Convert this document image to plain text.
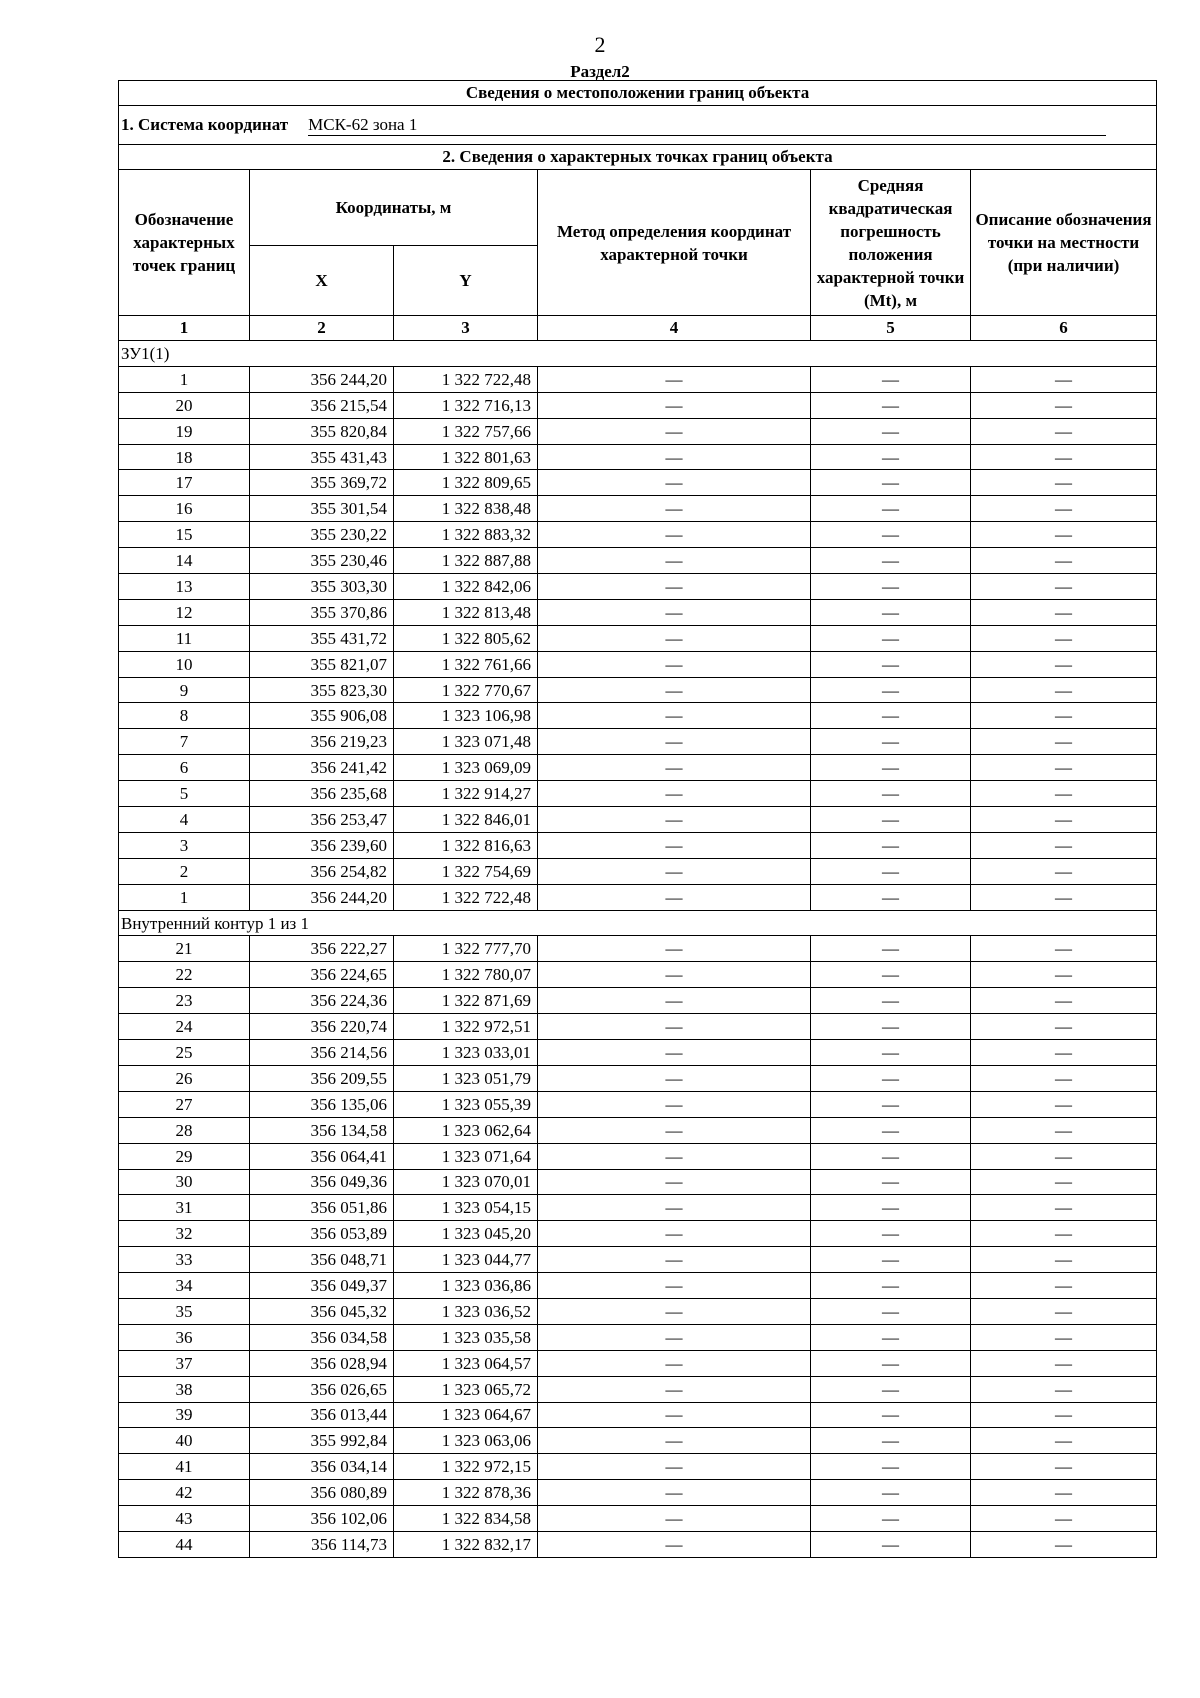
2
Раздел2
Сведения о местоположении границ объекта					
1. Система координат МСК-62 зона 1					
2. Сведения о характерных точках границ объекта					
Обозначение характерных точек границ	Координаты, м		Метод определения координат характерной точки	Средняя квадратическая погрешность положения характерной точки (Mt), м	Описание обозначения точки на местности (при наличии)
	X	Y			
1	2	3	4	5	6
ЗУ1(1)					
1	356 244,20	1 322 722,48	—	—	—
20	356 215,54	1 322 716,13	—	—	—
19	355 820,84	1 322 757,66	—	—	—
18	355 431,43	1 322 801,63	—	—	—
17	355 369,72	1 322 809,65	—	—	—
16	355 301,54	1 322 838,48	—	—	—
15	355 230,22	1 322 883,32	—	—	—
14	355 230,46	1 322 887,88	—	—	—
13	355 303,30	1 322 842,06	—	—	—
12	355 370,86	1 322 813,48	—	—	—
11	355 431,72	1 322 805,62	—	—	—
10	355 821,07	1 322 761,66	—	—	—
9	355 823,30	1 322 770,67	—	—	—
8	355 906,08	1 323 106,98	—	—	—
7	356 219,23	1 323 071,48	—	—	—
6	356 241,42	1 323 069,09	—	—	—
5	356 235,68	1 322 914,27	—	—	—
4	356 253,47	1 322 846,01	—	—	—
3	356 239,60	1 322 816,63	—	—	—
2	356 254,82	1 322 754,69	—	—	—
1	356 244,20	1 322 722,48	—	—	—
Внутренний контур 1 из 1					
21	356 222,27	1 322 777,70	—	—	—
22	356 224,65	1 322 780,07	—	—	—
23	356 224,36	1 322 871,69	—	—	—
24	356 220,74	1 322 972,51	—	—	—
25	356 214,56	1 323 033,01	—	—	—
26	356 209,55	1 323 051,79	—	—	—
27	356 135,06	1 323 055,39	—	—	—
28	356 134,58	1 323 062,64	—	—	—
29	356 064,41	1 323 071,64	—	—	—
30	356 049,36	1 323 070,01	—	—	—
31	356 051,86	1 323 054,15	—	—	—
32	356 053,89	1 323 045,20	—	—	—
33	356 048,71	1 323 044,77	—	—	—
34	356 049,37	1 323 036,86	—	—	—
35	356 045,32	1 323 036,52	—	—	—
36	356 034,58	1 323 035,58	—	—	—
37	356 028,94	1 323 064,57	—	—	—
38	356 026,65	1 323 065,72	—	—	—
39	356 013,44	1 323 064,67	—	—	—
40	355 992,84	1 323 063,06	—	—	—
41	356 034,14	1 322 972,15	—	—	—
42	356 080,89	1 322 878,36	—	—	—
43	356 102,06	1 322 834,58	—	—	—
44	356 114,73	1 322 832,17	—	—	—
